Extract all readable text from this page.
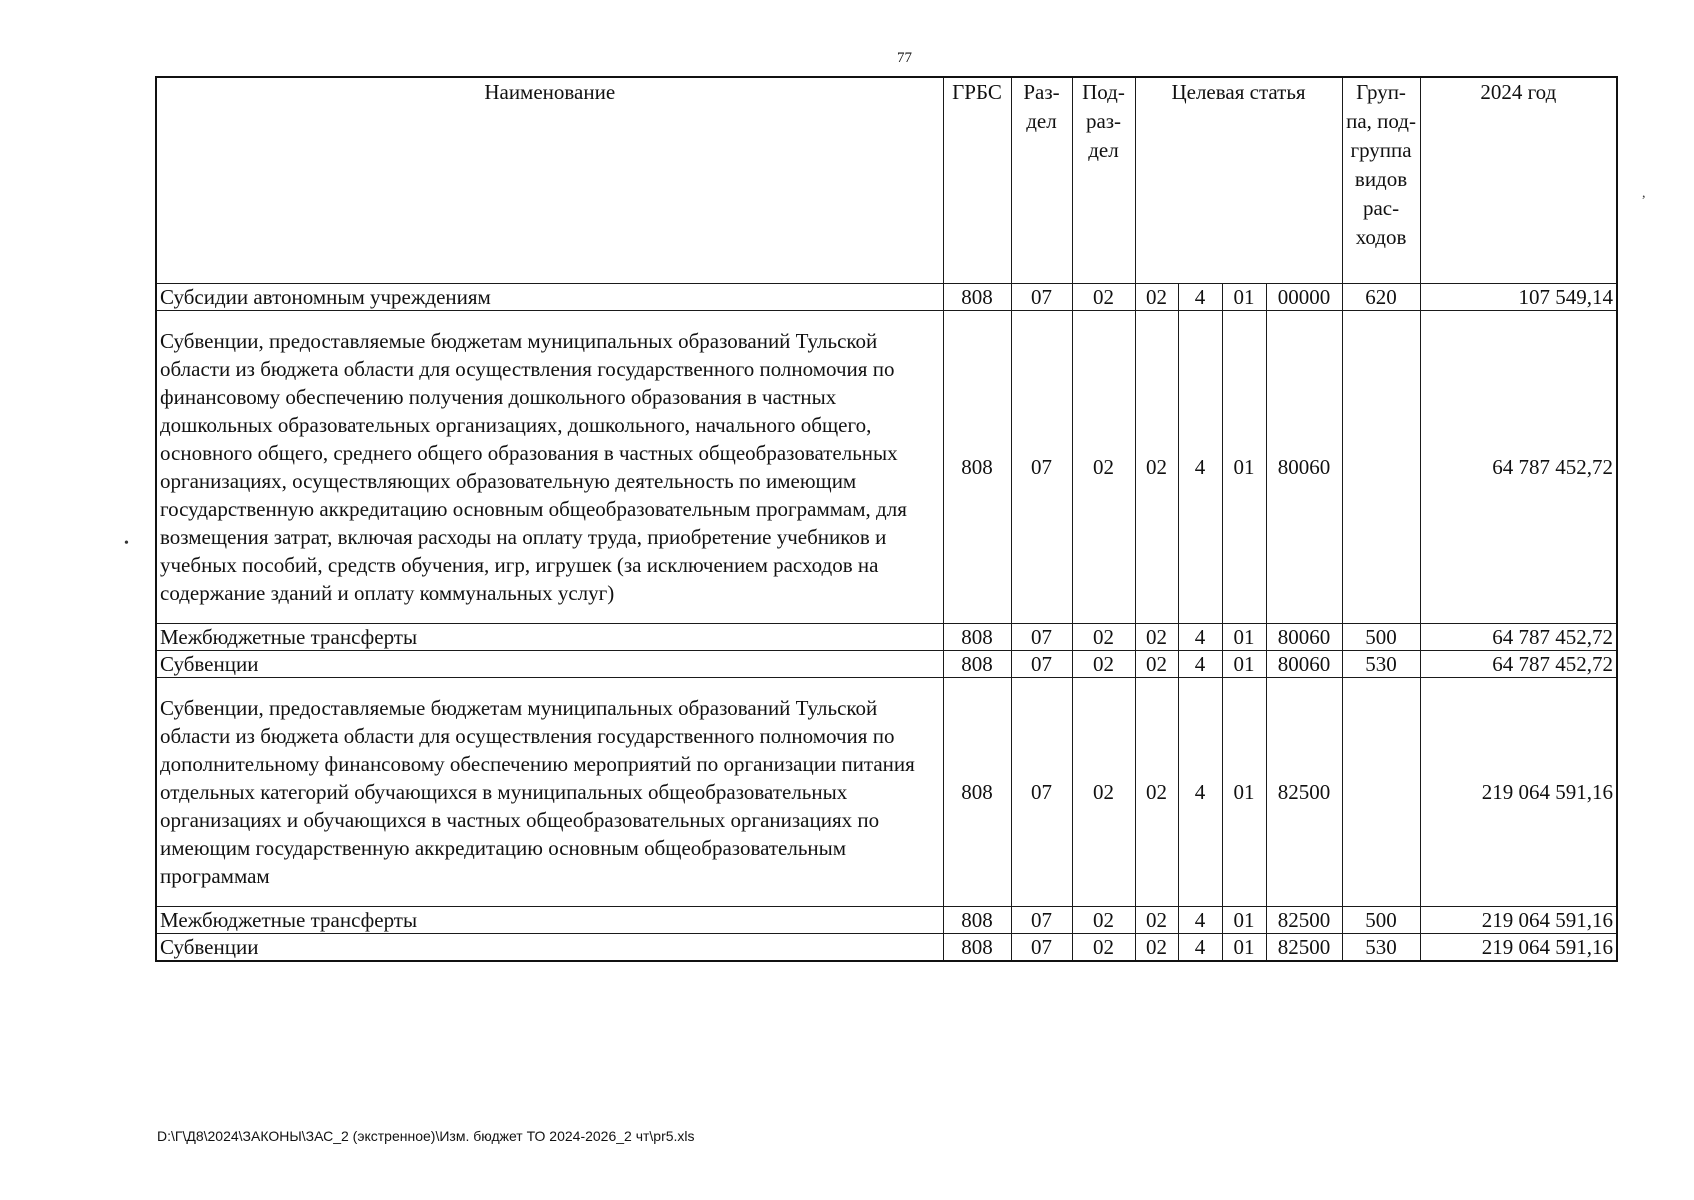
77
Наименование	ГРБС	Раз- дел	Под- раз- дел	Целевая статья				Груп- па, под- группа видов рас- ходов	2024 год
Субсидии автономным учреждениям	808	07	02	02	4	01	00000	620	107 549,14
Субвенции, предоставляемые бюджетам муниципальных образований Тульской области из бюджета области для осуществления государственного полномочия по финансовому обеспечению получения дошкольного образования в частных дошкольных образовательных организациях, дошкольного, начального общего, основного общего, среднего общего образования в частных общеобразовательных организациях, осуществляющих образовательную деятельность по имеющим государственную аккредитацию основным общеобразовательным программам, для возмещения затрат, включая расходы на оплату труда, приобретение учебников и учебных пособий, средств обучения, игр, игрушек (за исключением расходов на содержание зданий и оплату коммунальных услуг)	808	07	02	02	4	01	80060		64 787 452,72
Межбюджетные трансферты	808	07	02	02	4	01	80060	500	64 787 452,72
Субвенции	808	07	02	02	4	01	80060	530	64 787 452,72
Субвенции, предоставляемые бюджетам муниципальных образований Тульской области из бюджета области для осуществления государственного полномочия по дополнительному финансовому обеспечению мероприятий по организации питания отдельных категорий обучающихся в муниципальных общеобразовательных организациях и обучающихся в частных общеобразовательных организациях по имеющим государственную аккредитацию основным общеобразовательным программам	808	07	02	02	4	01	82500		219 064 591,16
Межбюджетные трансферты	808	07	02	02	4	01	82500	500	219 064 591,16
Субвенции	808	07	02	02	4	01	82500	530	219 064 591,16
,
•
D:\Г\Д8\2024\ЗАКОНЫ\ЗАС_2 (экстренное)\Изм. бюджет ТО 2024-2026_2 чт\pr5.xls
